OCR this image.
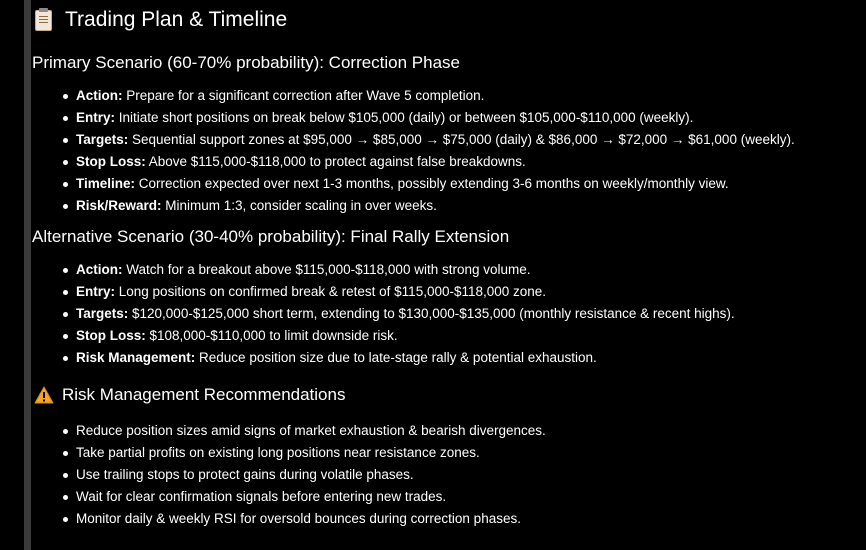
Trading Plan & Timeline
Primary Scenario (60-70% probability): Correction Phase
Action: Prepare for a significant correction after Wave 5 completion.
Entry: Initiate short positions on break below $105,000 (daily) or between $105,000-$110,000 (weekly).
Targets: Sequential support zones at $95,000 → $85,000 → $75,000 (daily) & $86,000 → $72,000 → $61,000 (weekly).
Stop Loss: Above $115,000-$118,000 to protect against false breakdowns.
Timeline: Correction expected over next 1-3 months, possibly extending 3-6 months on weekly/monthly view.
Risk/Reward: Minimum 1:3, consider scaling in over weeks.
Alternative Scenario (30-40% probability): Final Rally Extension
Action: Watch for a breakout above $115,000-$118,000 with strong volume.
Entry: Long positions on confirmed break & retest of $115,000-$118,000 zone.
Targets: $120,000-$125,000 short term, extending to $130,000-$135,000 (monthly resistance & recent highs).
Stop Loss: $108,000-$110,000 to limit downside risk.
Risk Management: Reduce position size due to late-stage rally & potential exhaustion.
Risk Management Recommendations
Reduce position sizes amid signs of market exhaustion & bearish divergences.
Take partial profits on existing long positions near resistance zones.
Use trailing stops to protect gains during volatile phases.
Wait for clear confirmation signals before entering new trades.
Monitor daily & weekly RSI for oversold bounces during correction phases.
